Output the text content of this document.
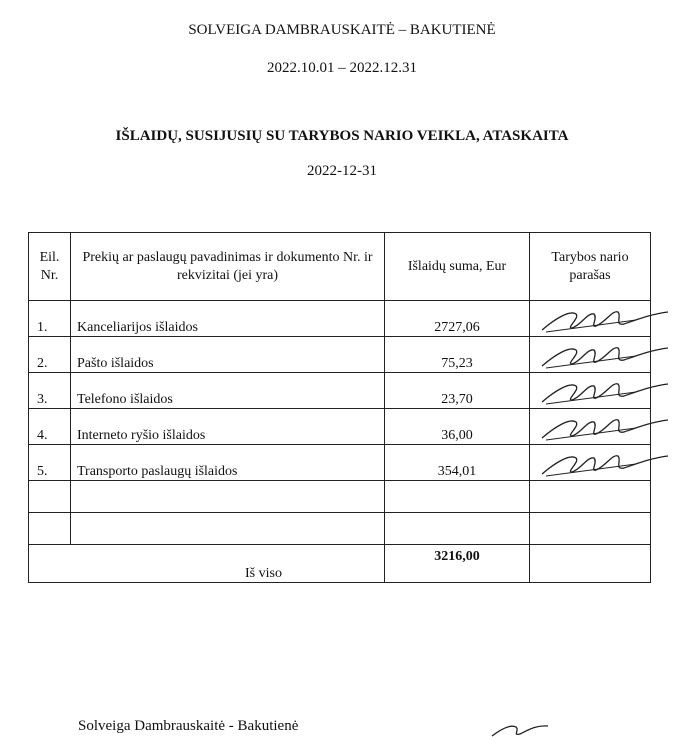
SOLVEIGA DAMBRAUSKAITĖ – BAKUTIENĖ
2022.10.01 – 2022.12.31
IŠLAIDŲ, SUSIJUSIŲ SU TARYBOS NARIO VEIKLA, ATASKAITA
2022-12-31
Eil. Nr.	Prekių ar paslaugų pavadinimas ir dokumento Nr. ir rekvizitai (jei yra)	Išlaidų suma, Eur	Tarybos nario parašas
1.	Kanceliarijos išlaidos	2727,06	

2.	Pašto išlaidos	75,23	

3.	Telefono išlaidos	23,70	

4.	Interneto ryšio išlaidos	36,00	

5.	Transporto paslaugų išlaidos	354,01	

Iš viso		3216,00	
Solveiga Dambrauskaitė - Bakutienė
